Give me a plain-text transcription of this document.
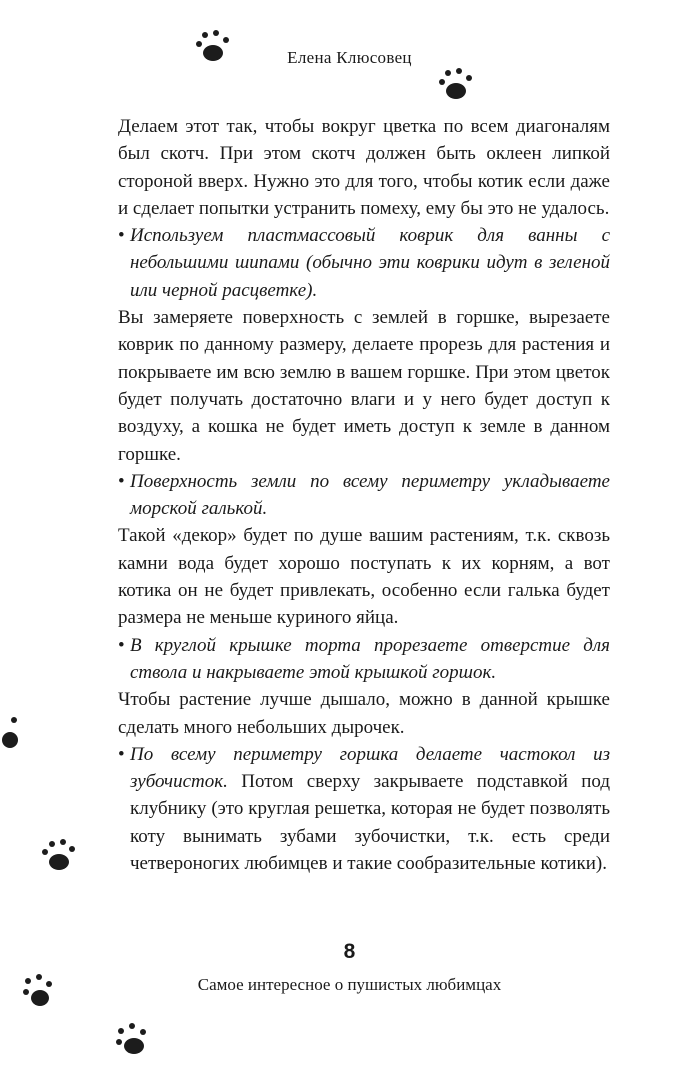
Елена Клюсовец

Делаем этот так, чтобы вокруг цветка по всем диагоналям был скотч. При этом скотч должен быть оклеен липкой стороной вверх. Нужно это для того, чтобы котик если даже и сделает попытки устранить помеху, ему бы это не удалось.

• Используем пластмассовый коврик для ванны с небольшими шипами (обычно эти коврики идут в зеленой или черной расцветке).

Вы замеряете поверхность с землей в горшке, вырезаете коврик по данному размеру, делаете прорезь для растения и покрываете им всю землю в вашем горшке. При этом цветок будет получать достаточно влаги и у него будет доступ к воздуху, а кошка не будет иметь доступ к земле в данном горшке.

• Поверхность земли по всему периметру укладываете морской галькой.

Такой «декор» будет по душе вашим растениям, т.к. сквозь камни вода будет хорошо поступать к их корням, а вот котика он не будет привлекать, особенно если галька будет размера не меньше куриного яйца.

• В круглой крышке торта прорезаете отверстие для ствола и накрываете этой крышкой горшок.

Чтобы растение лучше дышало, можно в данной крышке сделать много небольших дырочек.

• По всему периметру горшка делаете частокол из зубочисток. Потом сверху закрываете подставкой под клубнику (это круглая решетка, которая не будет позволять коту вынимать зубами зубочистки, т.к. есть среди четвероногих любимцев и такие сообразительные котики).

8
Самое интересное о пушистых любимцах
